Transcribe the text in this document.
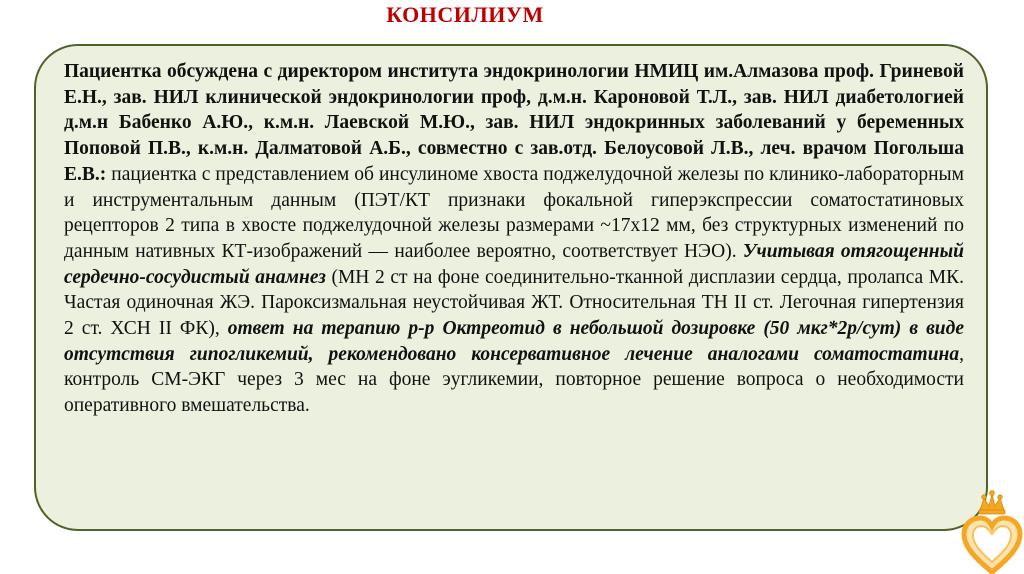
КОНСИЛИУМ

Пациентка обсуждена с директором института эндокринологии НМИЦ им.Алмазова проф. Гриневой Е.Н., зав. НИЛ клинической эндокринологии проф, д.м.н. Кароновой Т.Л., зав. НИЛ диабетологией д.м.н Бабенко А.Ю., к.м.н. Лаевской М.Ю., зав. НИЛ эндокринных заболеваний у беременных Поповой П.В., к.м.н. Далматовой А.Б., совместно с зав.отд. Белоусовой Л.В., леч. врачом Погольша Е.В.: пациентка с представлением об инсулиноме хвоста поджелудочной железы по клинико-лабораторным и инструментальным данным (ПЭТ/КТ признаки фокальной гиперэкспрессии соматостатиновых рецепторов 2 типа в хвосте поджелудочной железы размерами ~17х12 мм, без структурных изменений по данным нативных КТ-изображений — наиболее вероятно, соответствует НЭО). Учитывая отягощенный сердечно-сосудистый анамнез (МН 2 ст на фоне соединительно-тканной дисплазии сердца, пролапса МК. Частая одиночная ЖЭ. Пароксизмальная неустойчивая ЖТ. Относительная ТН II ст. Легочная гипертензия 2 ст. ХСН II ФК), ответ на терапию р-р Октреотид в небольшой дозировке (50 мкг*2р/сут) в виде отсутствия гипогликемий, рекомендовано консервативное лечение аналогами соматостатина, контроль СМ-ЭКГ через 3 мес на фоне эугликемии, повторное решение вопроса о необходимости оперативного вмешательства.
